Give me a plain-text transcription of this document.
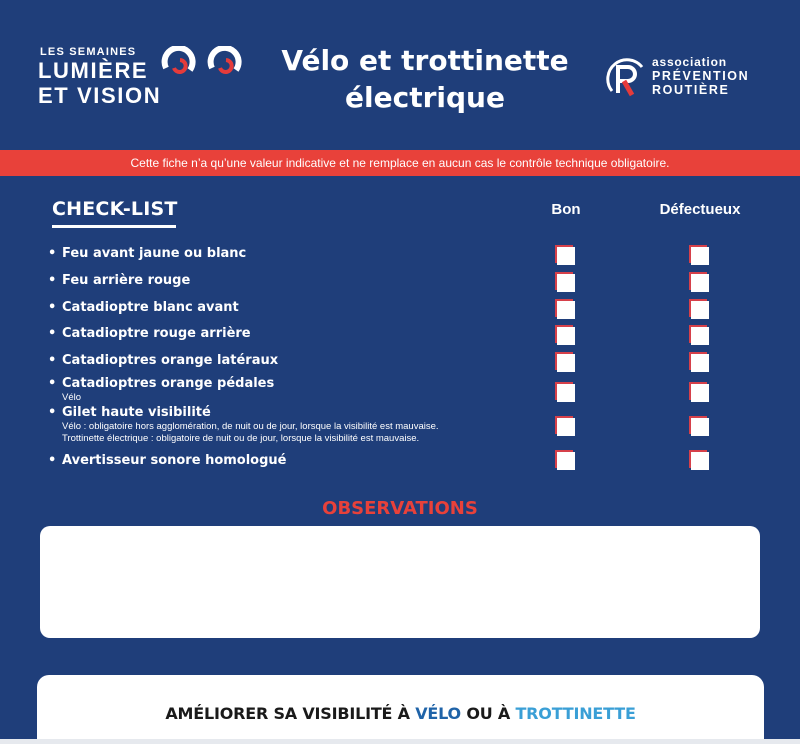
LES SEMAINES
LUMIÈRE
ET VISION
Vélo et trottinette
électrique
association
PRÉVENTION
ROUTIÈRE
Cette fiche n’a qu’une valeur indicative et ne remplace en aucun cas le contrôle technique obligatoire.
CHECK-LIST	Bon	Défectueux
• Feu avant jaune ou blanc
• Feu arrière rouge
• Catadioptre blanc avant
• Catadioptre rouge arrière
• Catadioptres orange latéraux
• Catadioptres orange pédales
Vélo
• Gilet haute visibilité
Vélo : obligatoire hors agglomération, de nuit ou de jour, lorsque la visibilité est mauvaise.
Trottinette électrique : obligatoire de nuit ou de jour, lorsque la visibilité est mauvaise.
• Avertisseur sonore homologué
OBSERVATIONS
AMÉLIORER SA VISIBILITÉ À VÉLO OU À TROTTINETTE
